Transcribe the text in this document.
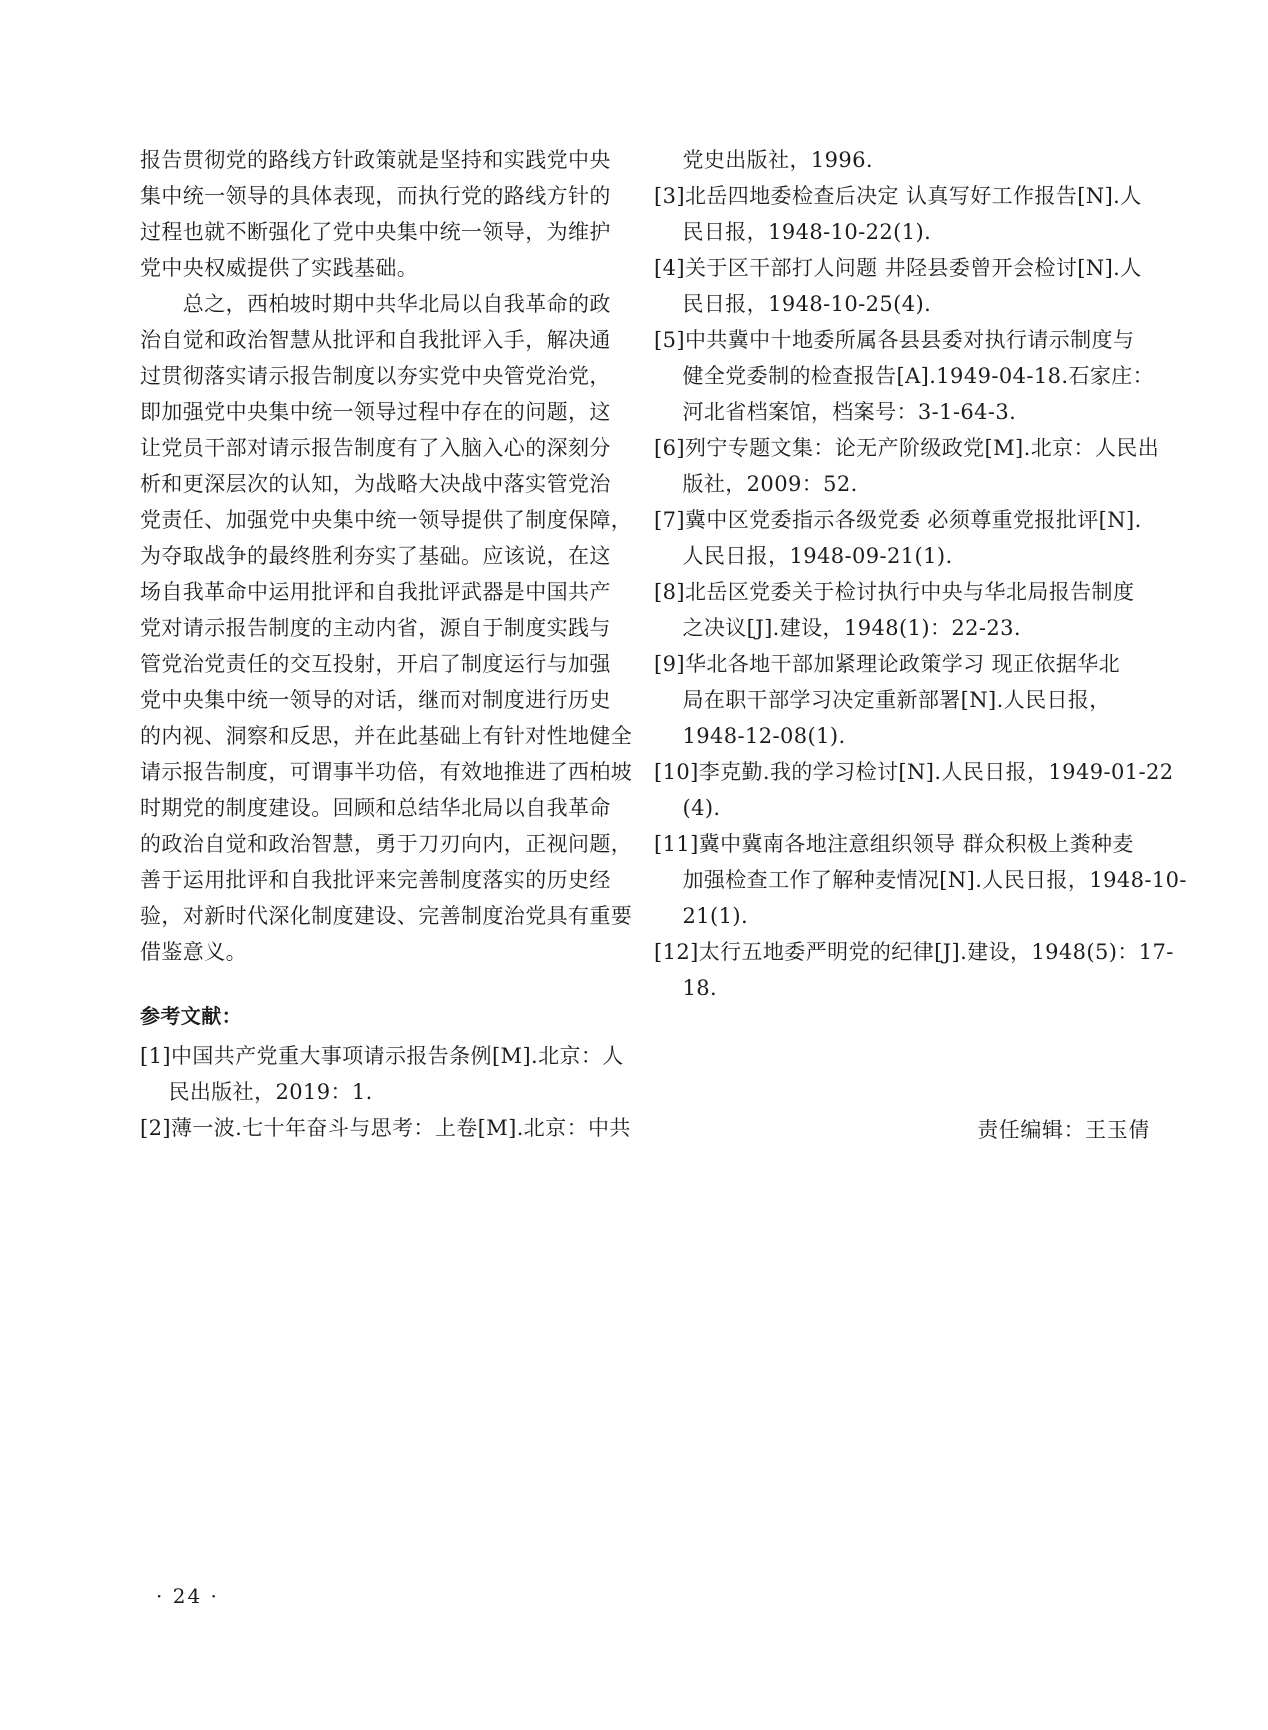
报告贯彻党的路线方针政策就是坚持和实践党中央
集中统一领导的具体表现，而执行党的路线方针的
过程也就不断强化了党中央集中统一领导，为维护
党中央权威提供了实践基础。

　　总之，西柏坡时期中共华北局以自我革命的政
治自觉和政治智慧从批评和自我批评入手，解决通
过贯彻落实请示报告制度以夯实党中央管党治党，
即加强党中央集中统一领导过程中存在的问题，这
让党员干部对请示报告制度有了入脑入心的深刻分
析和更深层次的认知，为战略大决战中落实管党治
党责任、加强党中央集中统一领导提供了制度保障，
为夺取战争的最终胜利夯实了基础。应该说，在这
场自我革命中运用批评和自我批评武器是中国共产
党对请示报告制度的主动内省，源自于制度实践与
管党治党责任的交互投射，开启了制度运行与加强
党中央集中统一领导的对话，继而对制度进行历史
的内视、洞察和反思，并在此基础上有针对性地健全
请示报告制度，可谓事半功倍，有效地推进了西柏坡
时期党的制度建设。回顾和总结华北局以自我革命
的政治自觉和政治智慧，勇于刀刃向内，正视问题，
善于运用批评和自我批评来完善制度落实的历史经
验，对新时代深化制度建设、完善制度治党具有重要
借鉴意义。

参考文献：

[1]中国共产党重大事项请示报告条例[M].北京：人
　 民出版社，2019：1.

[2]薄一波.七十年奋斗与思考：上卷[M].北京：中共

　 党史出版社，1996.

[3]北岳四地委检查后决定 认真写好工作报告[N].人
　 民日报，1948-10-22(1).

[4]关于区干部打人问题 井陉县委曾开会检讨[N].人
　 民日报，1948-10-25(4).

[5]中共冀中十地委所属各县县委对执行请示制度与
　 健全党委制的检查报告[A].1949-04-18.石家庄：
　 河北省档案馆，档案号：3-1-64-3.

[6]列宁专题文集：论无产阶级政党[M].北京：人民出
　 版社，2009：52.

[7]冀中区党委指示各级党委 必须尊重党报批评[N].
　 人民日报，1948-09-21(1).

[8]北岳区党委关于检讨执行中央与华北局报告制度
　 之决议[J].建设，1948(1)：22-23.

[9]华北各地干部加紧理论政策学习 现正依据华北
　 局在职干部学习决定重新部署[N].人民日报，
　 1948-12-08(1).

[10]李克勤.我的学习检讨[N].人民日报，1949-01-22
　 (4).

[11]冀中冀南各地注意组织领导 群众积极上粪种麦
　 加强检查工作了解种麦情况[N].人民日报，1948-10-
　 21(1).

[12]太行五地委严明党的纪律[J].建设，1948(5)：17-
　 18.

责任编辑：王玉倩
· 24 ·
